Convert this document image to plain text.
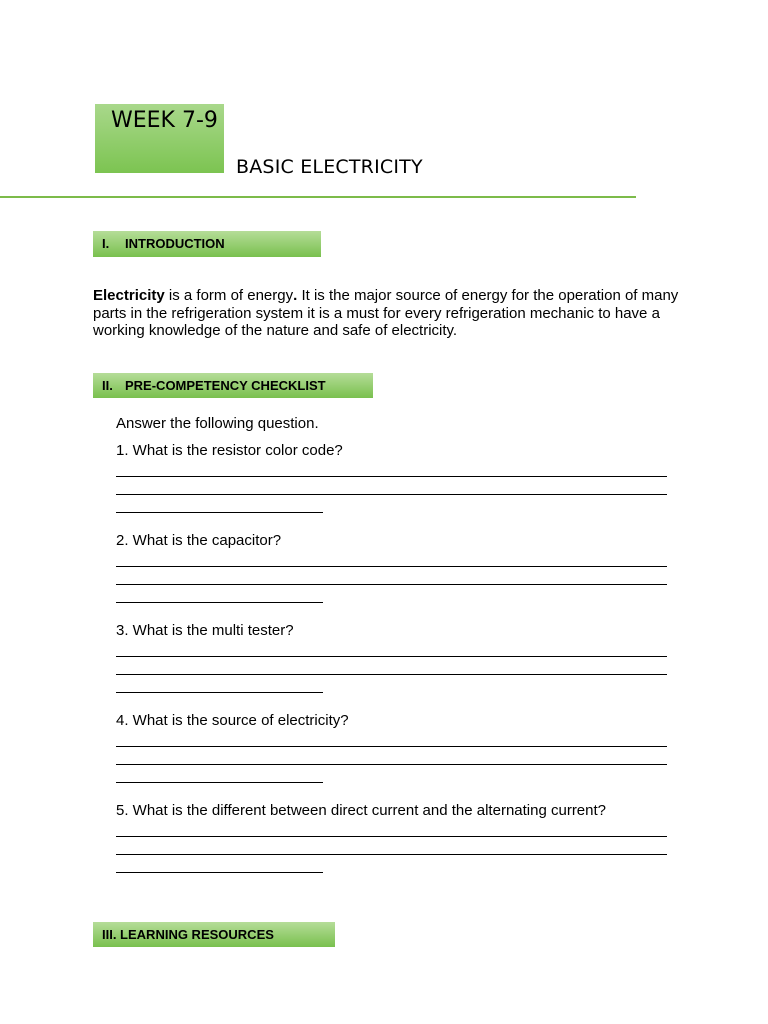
WEEK 7-9
BASIC ELECTRICITY
I. INTRODUCTION

Electricity is a form of energy. It is the major source of energy for the operation of many parts in the refrigeration system it is a must for every refrigeration mechanic to have a working knowledge of the nature and safe of electricity.

II. PRE-COMPETENCY CHECKLIST
Answer the following question.
1. What is the resistor color code?
2. What is the capacitor?
3. What is the multi tester?
4. What is the source of electricity?
5. What is the different between direct current and the alternating current?
III. LEARNING RESOURCES
